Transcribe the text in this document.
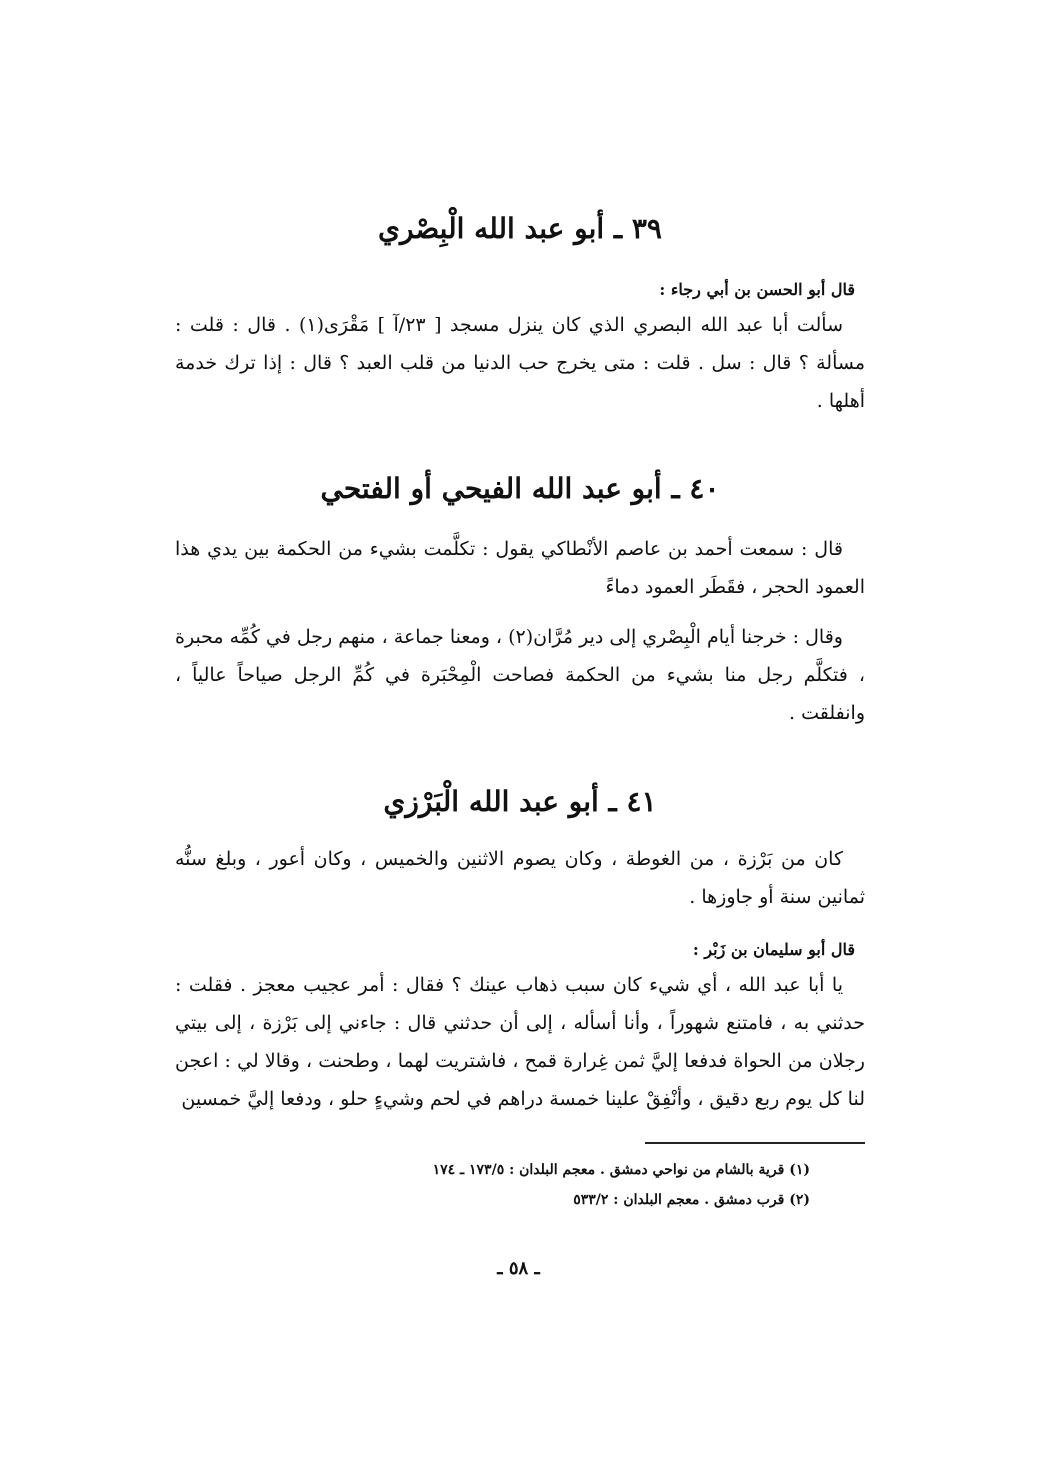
٣٩ ـ أبو عبد الله الْبِصْري
قال أبو الحسن بن أبي رجاء :

سألت أبا عبد الله البصري الذي كان ينزل مسجد [ ٢٣/آ ] مَقْرَى(١) . قال : قلت : مسألة ؟ قال : سل . قلت : متى يخرج حب الدنيا من قلب العبد ؟ قال : إذا ترك خدمة أهلها .

٤٠ ـ أبو عبد الله الفيحي أو الفتحي

قال : سمعت أحمد بن عاصم الأنْطاكي يقول : تكلَّمت بشيء من الحكمة بين يدي هذا العمود الحجر ، فقَطَر العمود دماءً

وقال : خرجنا أيام الْبِصْري إلى دير مُرَّان(٢) ، ومعنا جماعة ، منهم رجل في كُمِّه محبرة ، فتكلَّم رجل منا بشيء من الحكمة فصاحت الْمِحْبَرة في كُمِّ الرجل صياحاً عالياً ، وانفلقت .

٤١ ـ أبو عبد الله الْبَرْزي

كان من بَرْزة ، من الغوطة ، وكان يصوم الاثنين والخميس ، وكان أعور ، وبلغ سنُّه ثمانين سنة أو جاوزها .

قال أبو سليمان بن زَبْر :

يا أبا عبد الله ، أي شيء كان سبب ذهاب عينك ؟ فقال : أمر عجيب معجز . فقلت : حدثني به ، فامتنع شهوراً ، وأنا أسأله ، إلى أن حدثني قال : جاءني إلى بَرْزة ، إلى بيتي رجلان من الحواة فدفعا إليَّ ثمن غِرارة قمح ، فاشتريت لهما ، وطحنت ، وقالا لي : اعجن لنا كل يوم ربع دقيق ، وأنْفِقْ علينا خمسة دراهم في لحم وشيءٍ حلو ، ودفعا إليَّ خمسين

(١) قرية بالشام من نواحي دمشق . معجم البلدان : ١٧٣/٥ ـ ١٧٤
(٢) قرب دمشق . معجم البلدان : ٥٣٣/٢
ـ ٥٨ ـ
